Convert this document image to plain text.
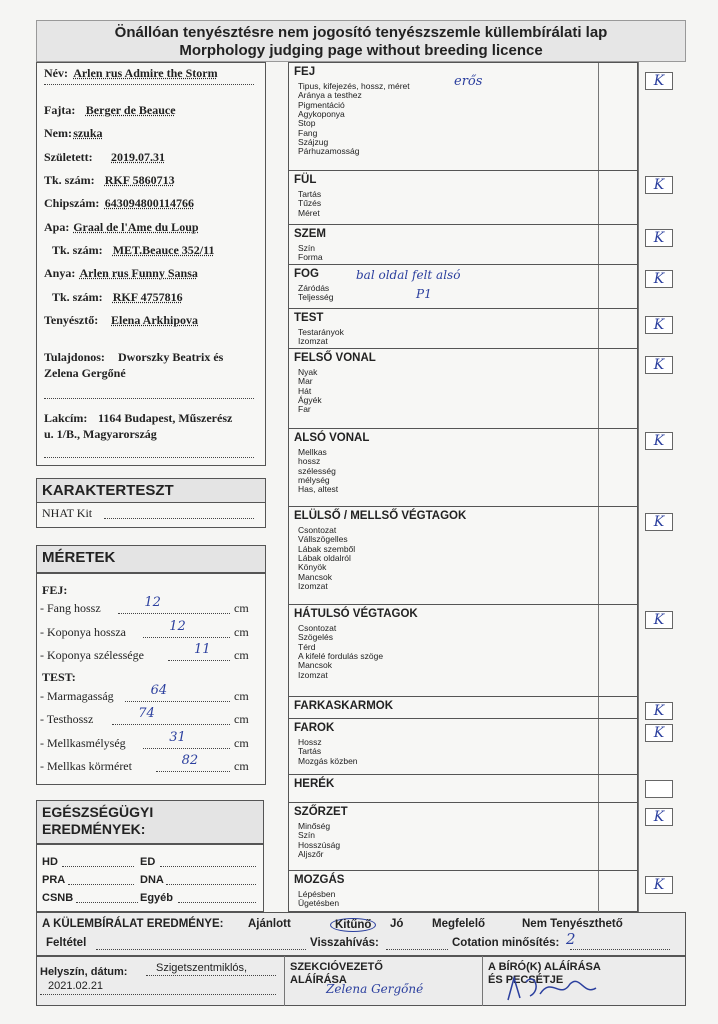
Önállóan tenyésztésre nem jogosító tenyészszemle küllembírálati lap
Morphology judging page without breeding licence
Név: Arlen rus Admire the Storm
Fajta: Berger de Beauce
Nem: szuka
Született: 2019.07.31
Tk. szám: RKF 5860713
Chipszám: 643094800114766
Apa: Graal de l'Ame du Loup
Tk. szám: MET.Beauce 352/11
Anya: Arlen rus Funny Sansa
Tk. szám: RKF 4757816
Tenyésztő: Elena Arkhipova
Tulajdonos: Dworszky Beatrix és
Zelena Gergőné
Lakcím: 1164 Budapest, Műszerész
u. 1/B., Magyarország
KARAKTERTESZT
NHAT Kit
MÉRETEK
FEJ:
TEST:
- Fang hossz	12	cm
- Koponya hossza	12	cm
- Koponya szélessége	11 cm
- Marmagasság	64	cm
- Testhossz	74	cm
- Mellkasmélység	31	cm
- Mellkas körméret	82	cm
EGÉSZSÉGÜGYI
EREDMÉNYEK:
HD	ED
PRA	DNA
CSNB	Egyéb
FEJ
Tipus, kifejezés, hossz, méret
Aránya a testhez
Pigmentáció
Agykoponya
Stop
Fang
Szájzug
Párhuzamosság
K
FÜL
Tartás
Tűzés
Méret
K
SZEM
Szín
Forma
K
FOG
Záródás
Teljesség
K
TEST
Testarányok
Izomzat
K
FELSŐ VONAL
Nyak
Mar
Hát
Ágyék
Far
K
ALSÓ VONAL
Mellkas
hossz
szélesség
mélység
Has, altest
K
ELÜLSŐ / MELLSŐ VÉGTAGOK
Csontozat
Vállszögelles
Lábak szemből
Lábak oldalról
Könyök
Mancsok
Izomzat
K
HÁTULSÓ VÉGTAGOK
Csontozat
Szögelés
Térd
A kifelé fordulás szöge
Mancsok
Izomzat
K
FARKASKARMOK	K
FAROK
Hossz
Tartás
Mozgás közben
K
HERÉK
SZŐRZET
Minőség
Szín
Hosszúság
Aljszőr
K
MOZGÁS
Lépésben
Ügetésben
K
erős
bal oldal felt alsó
P1
A KÜLEMBÍRÁLAT EREDMÉNYE: Ajánlott	Kitűnő	Jó Megfelelő	Nem Tenyészthető
Feltétel	Visszahívás:	Cotation minősítés: 2
Helyszín, dátum:	Szigetszentmiklós,
2021.02.21
SZEKCIÓVEZETŐ
ALÁÍRÁSA
Zelena Gergőné
A BÍRÓ(K) ALÁÍRÁSA
ÉS PECSÉTJE
